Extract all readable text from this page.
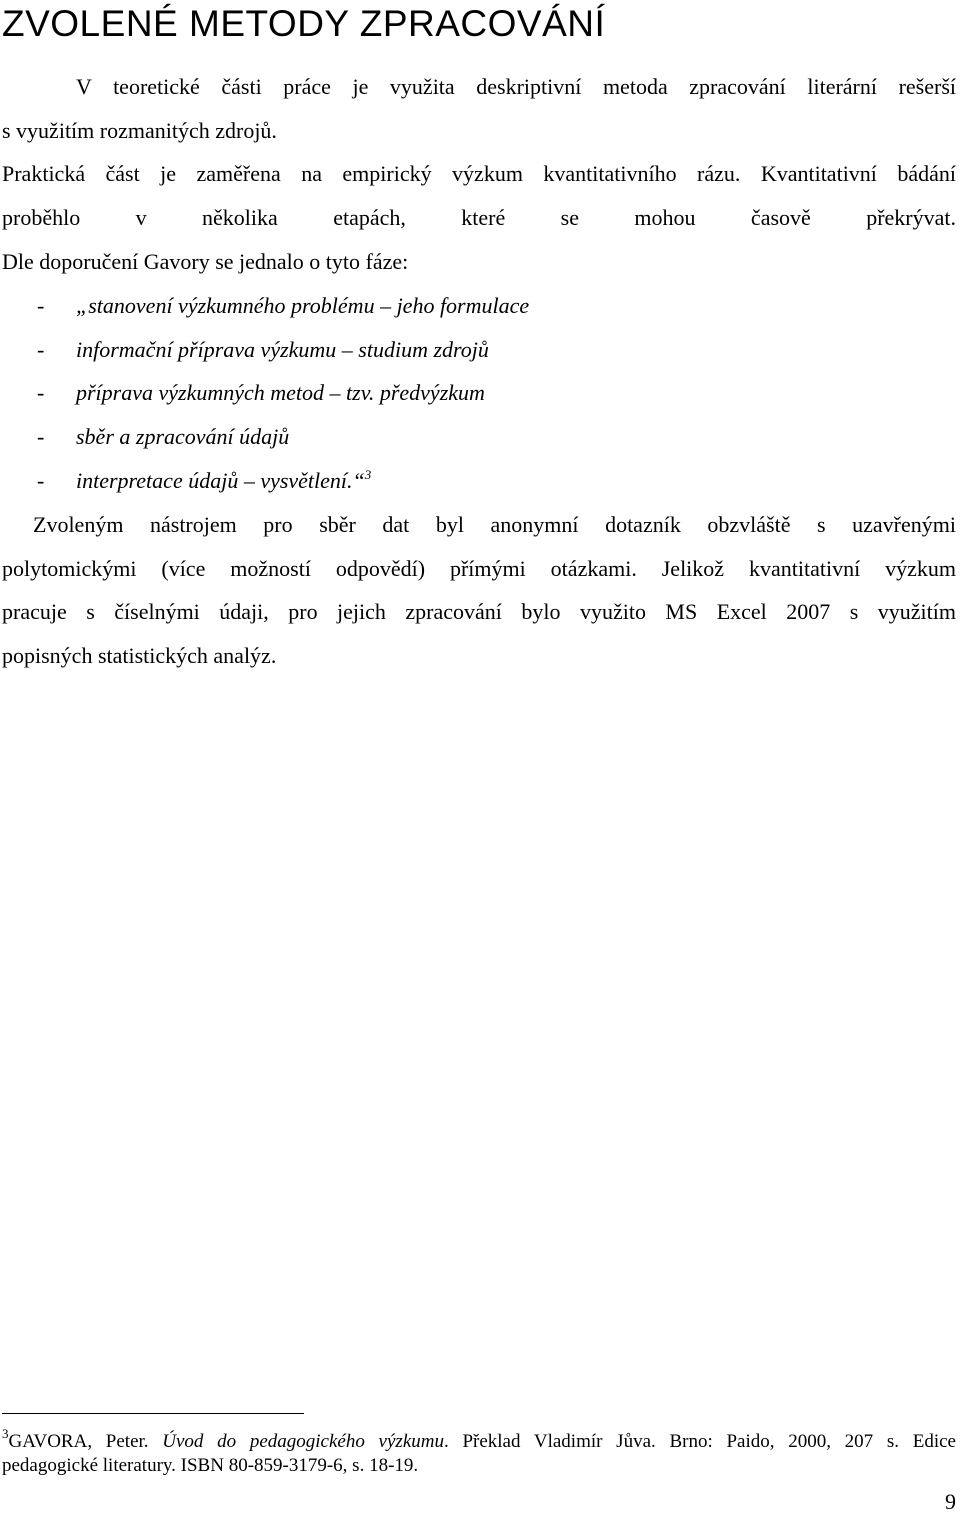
ZVOLENÉ METODY ZPRACOVÁNÍ
V teoretické části práce je využita deskriptivní metoda zpracování literární rešerší
s využitím rozmanitých zdrojů.
Praktická část je zaměřena na empirický výzkum kvantitativního rázu. Kvantitativní bádání
proběhlo v několika etapách, které se mohou časově překrývat.
Dle doporučení Gavory se jednalo o tyto fáze:
- „stanovení výzkumného problému – jeho formulace
- informační příprava výzkumu – studium zdrojů
- příprava výzkumných metod – tzv. předvýzkum
- sběr a zpracování údajů
- interpretace údajů – vysvětlení.“$^3$
Zvoleným nástrojem pro sběr dat byl anonymní dotazník obzvláště s uzavřenými
polytomickými (více možností odpovědí) přímými otázkami. Jelikož kvantitativní výzkum
pracuje s číselnými údaji, pro jejich zpracování bylo využito MS Excel 2007 s využitím
popisných statistických analýz.
$^3$GAVORA, Peter. Úvod do pedagogického výzkumu. Překlad Vladimír Jůva. Brno: Paido, 2000, 207 s. Edice
pedagogické literatury. ISBN 80-859-3179-6, s. 18-19.
9
